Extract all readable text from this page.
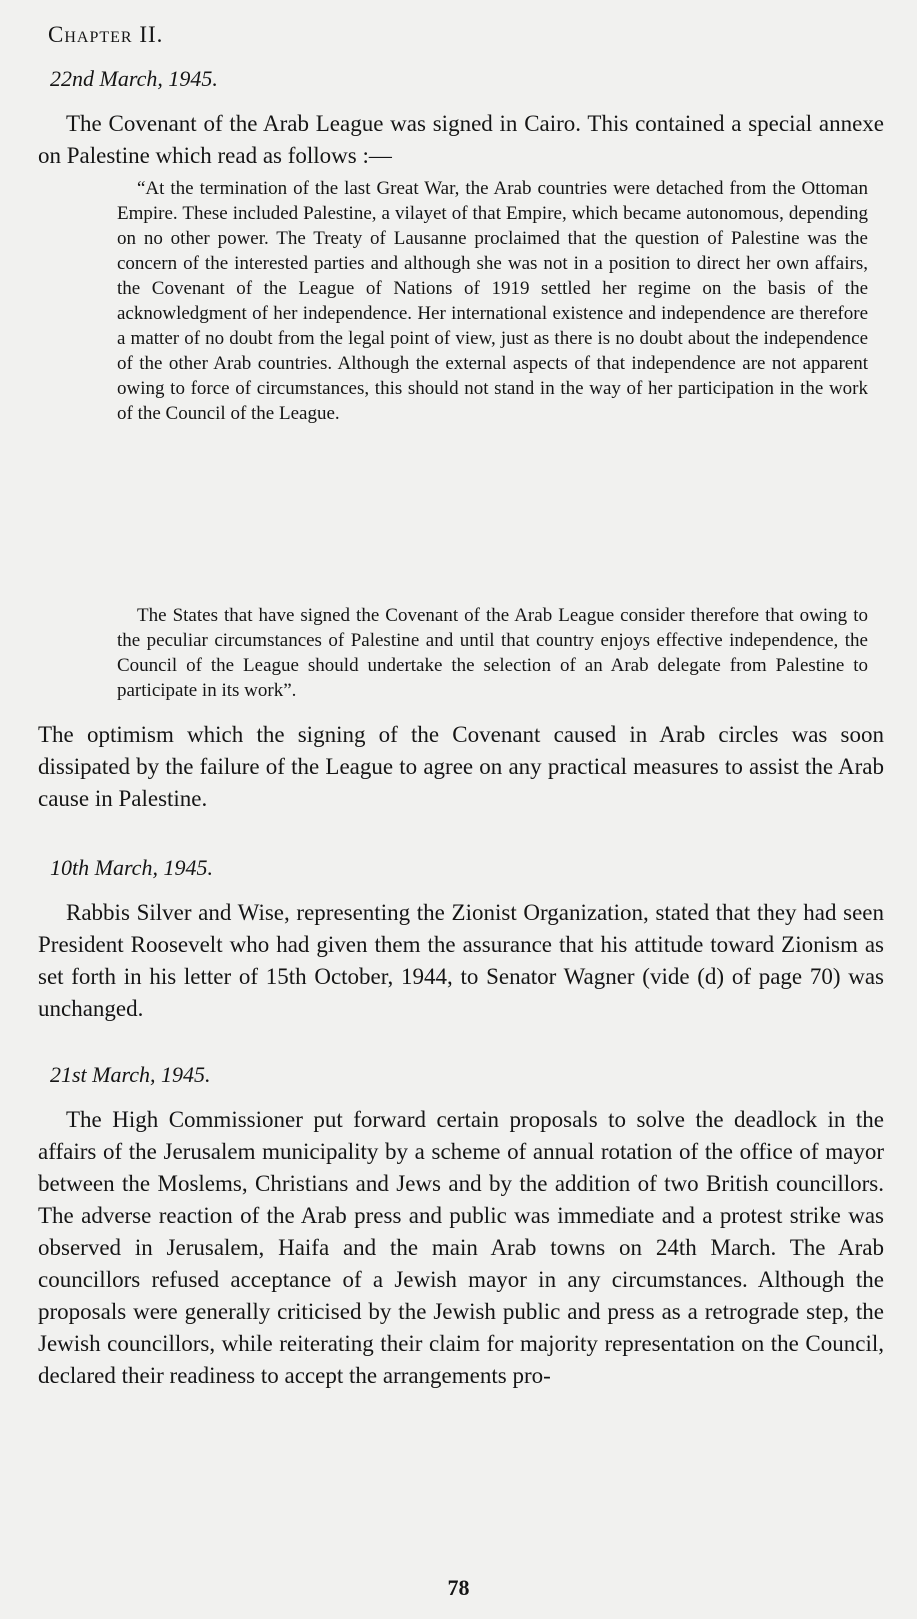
Chapter II.
22nd March, 1945.

The Covenant of the Arab League was signed in Cairo. This contained a special annexe on Palestine which read as follows :—

“At the termination of the last Great War, the Arab countries were detached from the Ottoman Empire. These included Palestine, a vilayet of that Empire, which became autonomous, depending on no other power. The Treaty of Lausanne proclaimed that the question of Palestine was the concern of the interested parties and although she was not in a position to direct her own affairs, the Covenant of the League of Nations of 1919 settled her regime on the basis of the acknowledgment of her independence. Her international existence and independence are therefore a matter of no doubt from the legal point of view, just as there is no doubt about the independence of the other Arab countries. Although the external aspects of that independence are not apparent owing to force of circumstances, this should not stand in the way of her participation in the work of the Council of the League.

The States that have signed the Covenant of the Arab League consider therefore that owing to the peculiar circumstances of Palestine and until that country enjoys effective independence, the Council of the League should undertake the selection of an Arab delegate from Palestine to participate in its work”.

The optimism which the signing of the Covenant caused in Arab circles was soon dissipated by the failure of the League to agree on any practical measures to assist the Arab cause in Palestine.

10th March, 1945.

Rabbis Silver and Wise, representing the Zionist Organization, stated that they had seen President Roosevelt who had given them the assurance that his attitude toward Zionism as set forth in his letter of 15th October, 1944, to Senator Wagner (vide (d) of page 70) was unchanged.

21st March, 1945.

The High Commissioner put forward certain proposals to solve the deadlock in the affairs of the Jerusalem municipality by a scheme of annual rotation of the office of mayor between the Moslems, Christians and Jews and by the addition of two British councillors. The adverse reaction of the Arab press and public was immediate and a protest strike was observed in Jerusalem, Haifa and the main Arab towns on 24th March. The Arab councillors refused acceptance of a Jewish mayor in any circumstances. Although the proposals were generally criticised by the Jewish public and press as a retrograde step, the Jewish councillors, while reiterating their claim for majority representation on the Council, declared their readiness to accept the arrangements pro-

78
